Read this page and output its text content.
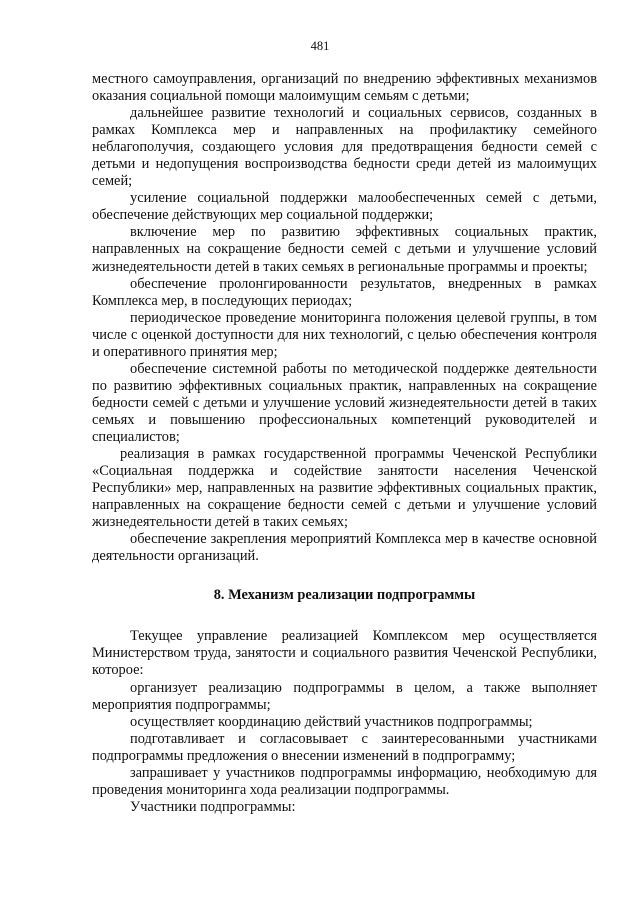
481

местного самоуправления, организаций по внедрению эффективных механизмов оказания социальной помощи малоимущим семьям с детьми;

дальнейшее развитие технологий и социальных сервисов, созданных в рамках Комплекса мер и направленных на профилактику семейного неблагополучия, создающего условия для предотвращения бедности семей с детьми и недопущения воспроизводства бедности среди детей из малоимущих семей;

усиление социальной поддержки малообеспеченных семей с детьми, обеспечение действующих мер социальной поддержки;

включение мер по развитию эффективных социальных практик, направленных на сокращение бедности семей с детьми и улучшение условий жизнедеятельности детей в таких семьях в региональные программы и проекты;

обеспечение пролонгированности результатов, внедренных в рамках Комплекса мер, в последующих периодах;

периодическое проведение мониторинга положения целевой группы, в том числе с оценкой доступности для них технологий, с целью обеспечения контроля и оперативного принятия мер;

обеспечение системной работы по методической поддержке деятельности по развитию эффективных социальных практик, направленных на сокращение бедности семей с детьми и улучшение условий жизнедеятельности детей в таких семьях и повышению профессиональных компетенций руководителей и специалистов;

реализация в рамках государственной программы Чеченской Республики «Социальная поддержка и содействие занятости населения Чеченской Республики» мер, направленных на развитие эффективных социальных практик, направленных на сокращение бедности семей с детьми и улучшение условий жизнедеятельности детей в таких семьях;

обеспечение закрепления мероприятий Комплекса мер в качестве основной деятельности организаций.

8. Механизм реализации подпрограммы

Текущее управление реализацией Комплексом мер осуществляется Министерством труда, занятости и социального развития Чеченской Республики, которое:

организует реализацию подпрограммы в целом, а также выполняет мероприятия подпрограммы;

осуществляет координацию действий участников подпрограммы;

подготавливает и согласовывает с заинтересованными участниками подпрограммы предложения о внесении изменений в подпрограмму;

запрашивает у участников подпрограммы информацию, необходимую для проведения мониторинга хода реализации подпрограммы.

Участники подпрограммы:
